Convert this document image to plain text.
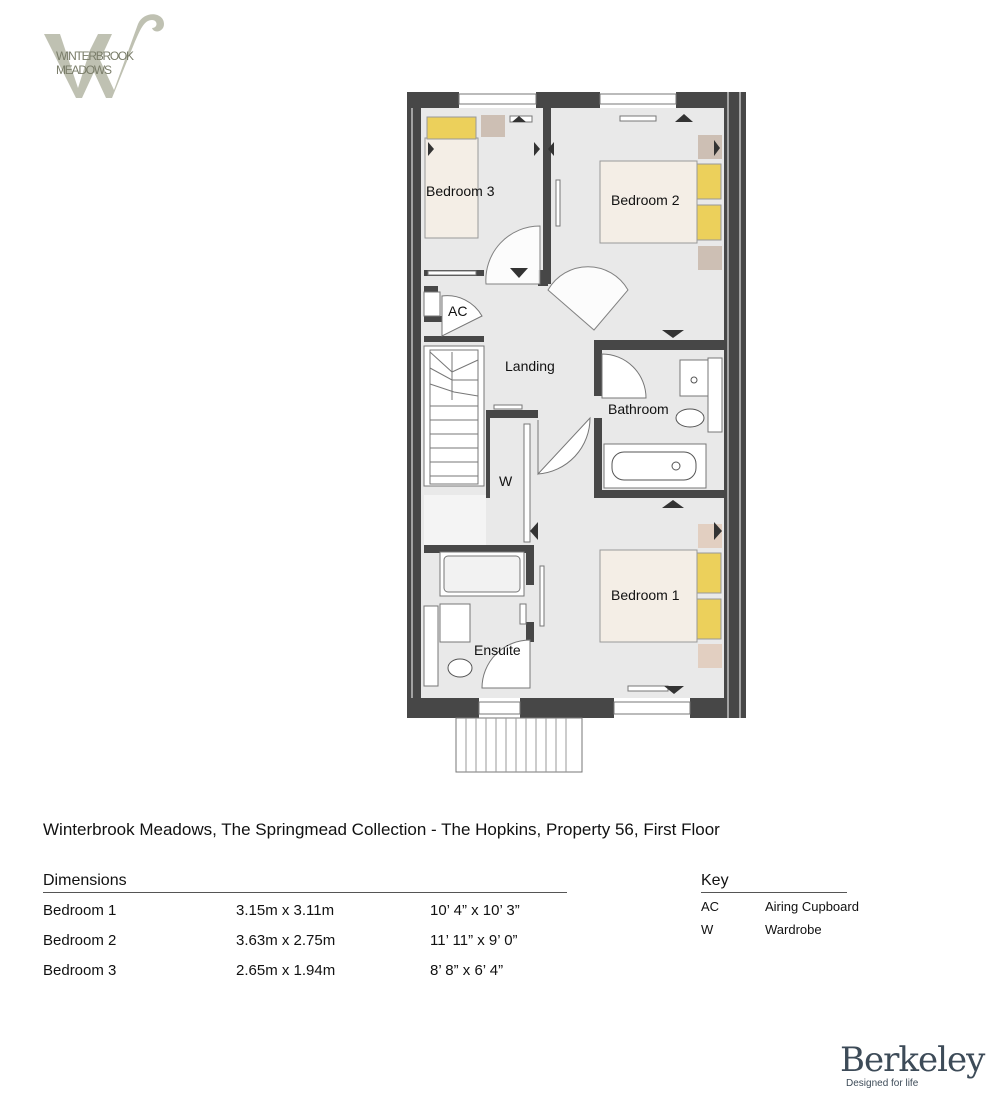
WINTERBROOK
MEADOWS
Bedroom 3
Bedroom 2
AC
Landing
Bathroom
W
Bedroom 1
Ensuite
Winterbrook Meadows, The Springmead Collection - The Hopkins, Property 56, First Floor
Dimensions
Bedroom 1	3.15m x 3.11m	10’ 4” x 10’ 3”
Bedroom 2	3.63m x 2.75m	11’ 11” x 9’ 0”
Bedroom 3	2.65m x 1.94m	8’ 8” x 6’ 4”
Key
AC	Airing Cupboard
W	Wardrobe
Berkeley
Designed for life
